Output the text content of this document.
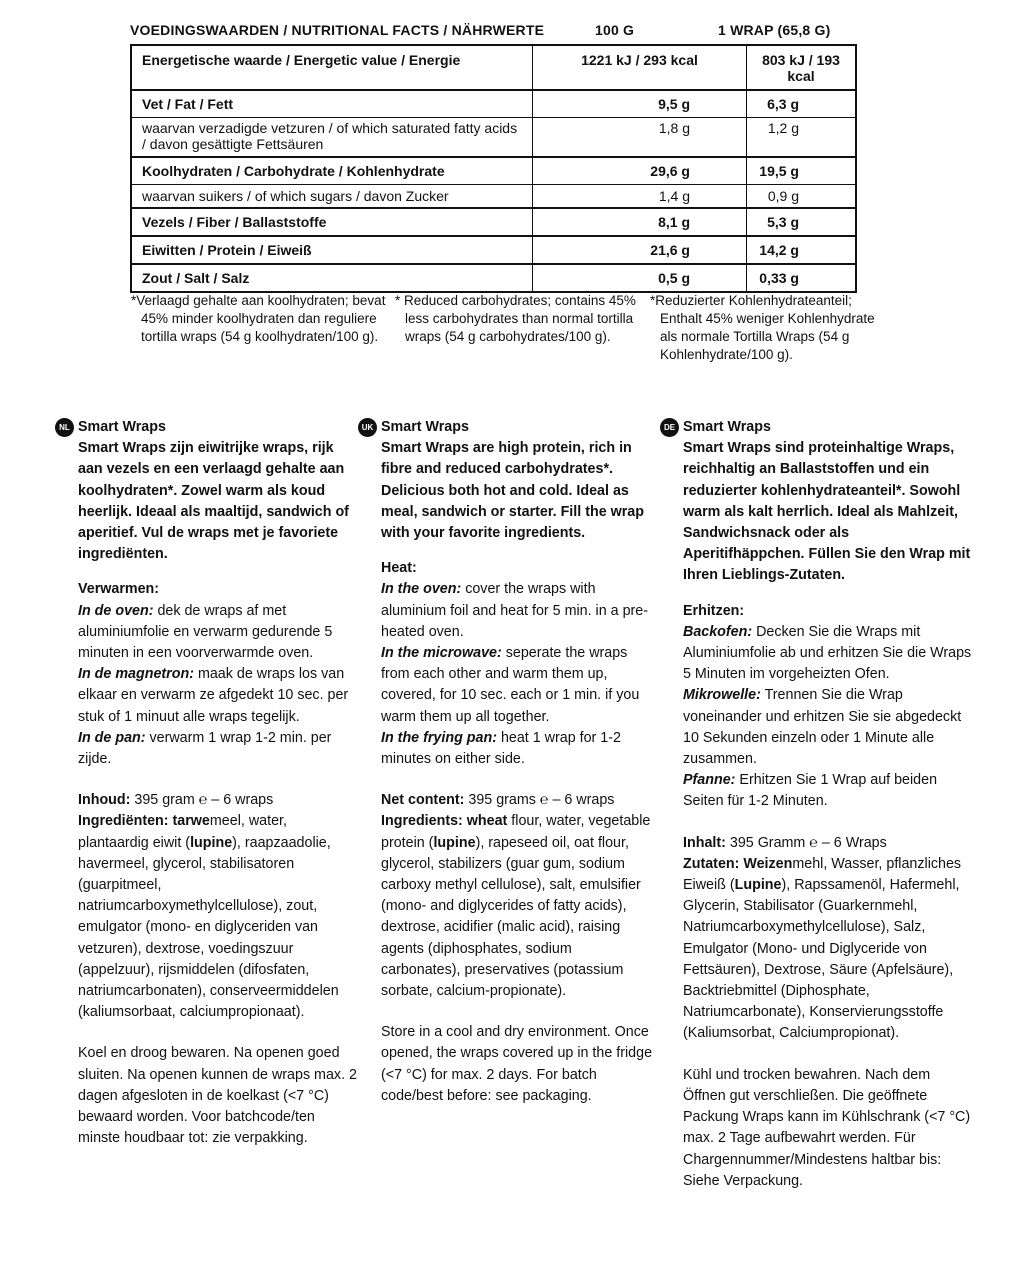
VOEDINGSWAARDEN / NUTRITIONAL FACTS / NÄHRWERTE	100 G	1 WRAP (65,8 G)
Energetische waarde / Energetic value / Energie	1221 kJ / 293 kcal	803 kJ / 193 kcal
Vet / Fat / Fett	9,5 g	6,3 g
waarvan verzadigde vetzuren / of which saturated fatty acids / davon gesättigte Fettsäuren	1,8 g	1,2 g
Koolhydraten / Carbohydrate / Kohlenhydrate	29,6 g	19,5 g
waarvan suikers / of which sugars / davon Zucker	1,4 g	0,9 g
Vezels / Fiber / Ballaststoffe	8,1 g	5,3 g
Eiwitten / Protein / Eiweiß	21,6 g	14,2 g
Zout / Salt / Salz	0,5 g	0,33 g
*Verlaagd gehalte aan koolhydraten; bevat 45% minder koolhydraten dan reguliere tortilla wraps (54 g koolhydraten/100 g).
* Reduced carbohydrates; contains 45% less carbohydrates than normal tortilla wraps (54 g carbohydrates/100 g).
*Reduzierter Kohlenhydrateanteil; Enthalt 45% weniger Kohlenhydrate als normale Tortilla Wraps (54 g Kohlenhydrate/100 g).

NL Smart Wraps

Smart Wraps zijn eiwitrijke wraps, rijk aan vezels en een verlaagd gehalte aan koolhydraten*. Zowel warm als koud heerlijk. Ideaal als maaltijd, sandwich of aperitief. Vul de wraps met je favoriete ingrediënten.

Verwarmen:

In de oven: dek de wraps af met aluminiumfolie en verwarm gedurende 5 minuten in een voorverwarmde oven.

In de magnetron: maak de wraps los van elkaar en verwarm ze afgedekt 10 sec. per stuk of 1 minuut alle wraps tegelijk.

In de pan: verwarm 1 wrap 1-2 min. per zijde.

Inhoud: 395 gram ℮ – 6 wraps

Ingrediënten: tarwemeel, water, plantaardig eiwit (lupine), raapzaadolie, havermeel, glycerol, stabilisatoren (guarpitmeel, natriumcarboxymethylcellulose), zout, emulgator (mono- en diglyceriden van vetzuren), dextrose, voedingszuur (appelzuur), rijsmiddelen (difosfaten, natriumcarbonaten), conserveermiddelen (kaliumsorbaat, calciumpropionaat).

Koel en droog bewaren. Na openen goed sluiten. Na openen kunnen de wraps max. 2 dagen afgesloten in de koelkast (<7 °C) bewaard worden. Voor batchcode/ten minste houdbaar tot: zie verpakking.

UK Smart Wraps

Smart Wraps are high protein, rich in fibre and reduced carbohydrates*. Delicious both hot and cold. Ideal as meal, sandwich or starter. Fill the wrap with your favorite ingredients.

Heat:

In the oven: cover the wraps with aluminium foil and heat for 5 min. in a pre-heated oven.

In the microwave: seperate the wraps from each other and warm them up, covered, for 10 sec. each or 1 min. if you warm them up all together.

In the frying pan: heat 1 wrap for 1-2 minutes on either side.

Net content: 395 grams ℮ – 6 wraps

Ingredients: wheat flour, water, vegetable protein (lupine), rapeseed oil, oat flour, glycerol, stabilizers (guar gum, sodium carboxy methyl cellulose), salt, emulsifier (mono- and diglycerides of fatty acids), dextrose, acidifier (malic acid), raising agents (diphosphates, sodium carbonates), preservatives (potassium sorbate, calcium-propionate).

Store in a cool and dry environment. Once opened, the wraps covered up in the fridge (<7 °C) for max. 2 days. For batch code/best before: see packaging.

DE Smart Wraps

Smart Wraps sind proteinhaltige Wraps, reichhaltig an Ballaststoffen und ein reduzierter kohlenhydrateanteil*. Sowohl warm als kalt herrlich. Ideal als Mahlzeit, Sandwichsnack oder als Aperitifhäppchen. Füllen Sie den Wrap mit Ihren Lieblings-Zutaten.

Erhitzen:

Backofen: Decken Sie die Wraps mit Aluminiumfolie ab und erhitzen Sie die Wraps 5 Minuten im vorgeheizten Ofen.

Mikrowelle: Trennen Sie die Wrap voneinander und erhitzen Sie sie abgedeckt 10 Sekunden einzeln oder 1 Minute alle zusammen.

Pfanne: Erhitzen Sie 1 Wrap auf beiden Seiten für 1-2 Minuten.

Inhalt: 395 Gramm ℮ – 6 Wraps

Zutaten: Weizenmehl, Wasser, pflanzliches Eiweiß (Lupine), Rapssamenöl, Hafermehl, Glycerin, Stabilisator (Guarkernmehl, Natriumcarboxymethylcellulose), Salz, Emulgator (Mono- und Diglyceride von Fettsäuren), Dextrose, Säure (Apfelsäure), Backtriebmittel (Diphosphate, Natriumcarbonate), Konservierungsstoffe (Kaliumsorbat, Calciumpropionat).

Kühl und trocken bewahren. Nach dem Öffnen gut verschließen. Die geöffnete Packung Wraps kann im Kühlschrank (<7 °C) max. 2 Tage aufbewahrt werden. Für Chargennummer/Mindestens haltbar bis: Siehe Verpackung.
